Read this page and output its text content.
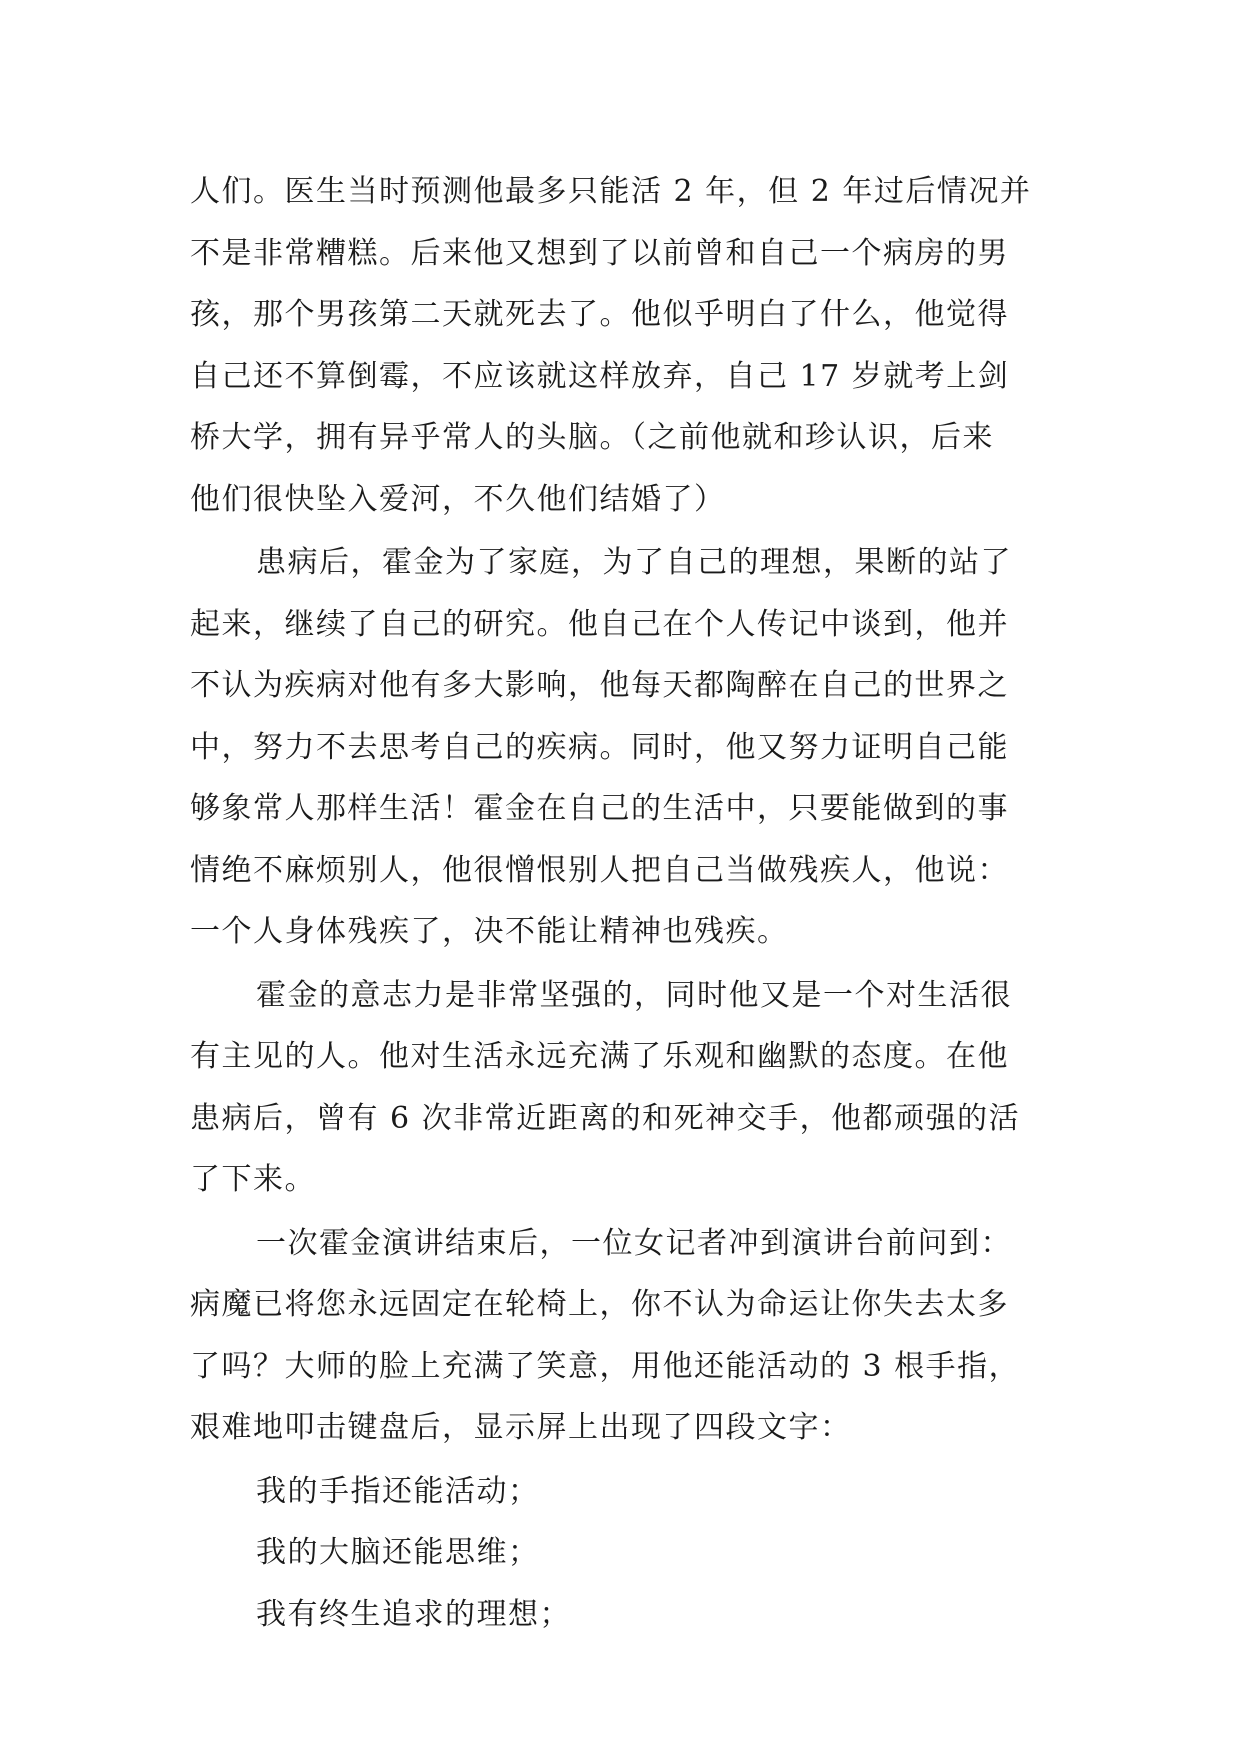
人们。医生当时预测他最多只能活 2 年，但 2 年过后情况并
不是非常糟糕。后来他又想到了以前曾和自己一个病房的男
孩，那个男孩第二天就死去了。他似乎明白了什么，他觉得
自己还不算倒霉，不应该就这样放弃，自己 17 岁就考上剑
桥大学，拥有异乎常人的头脑。（之前他就和珍认识，后来
他们很快坠入爱河，不久他们结婚了）
患病后，霍金为了家庭，为了自己的理想，果断的站了
起来，继续了自己的研究。他自己在个人传记中谈到，他并
不认为疾病对他有多大影响，他每天都陶醉在自己的世界之
中，努力不去思考自己的疾病。同时，他又努力证明自己能
够象常人那样生活！霍金在自己的生活中，只要能做到的事
情绝不麻烦别人，他很憎恨别人把自己当做残疾人，他说：
一个人身体残疾了，决不能让精神也残疾。
霍金的意志力是非常坚强的，同时他又是一个对生活很
有主见的人。他对生活永远充满了乐观和幽默的态度。在他
患病后，曾有 6 次非常近距离的和死神交手，他都顽强的活
了下来。
一次霍金演讲结束后，一位女记者冲到演讲台前问到：
病魔已将您永远固定在轮椅上，你不认为命运让你失去太多
了吗？大师的脸上充满了笑意，用他还能活动的 3 根手指，
艰难地叩击键盘后，显示屏上出现了四段文字：
我的手指还能活动；
我的大脑还能思维；
我有终生追求的理想；
